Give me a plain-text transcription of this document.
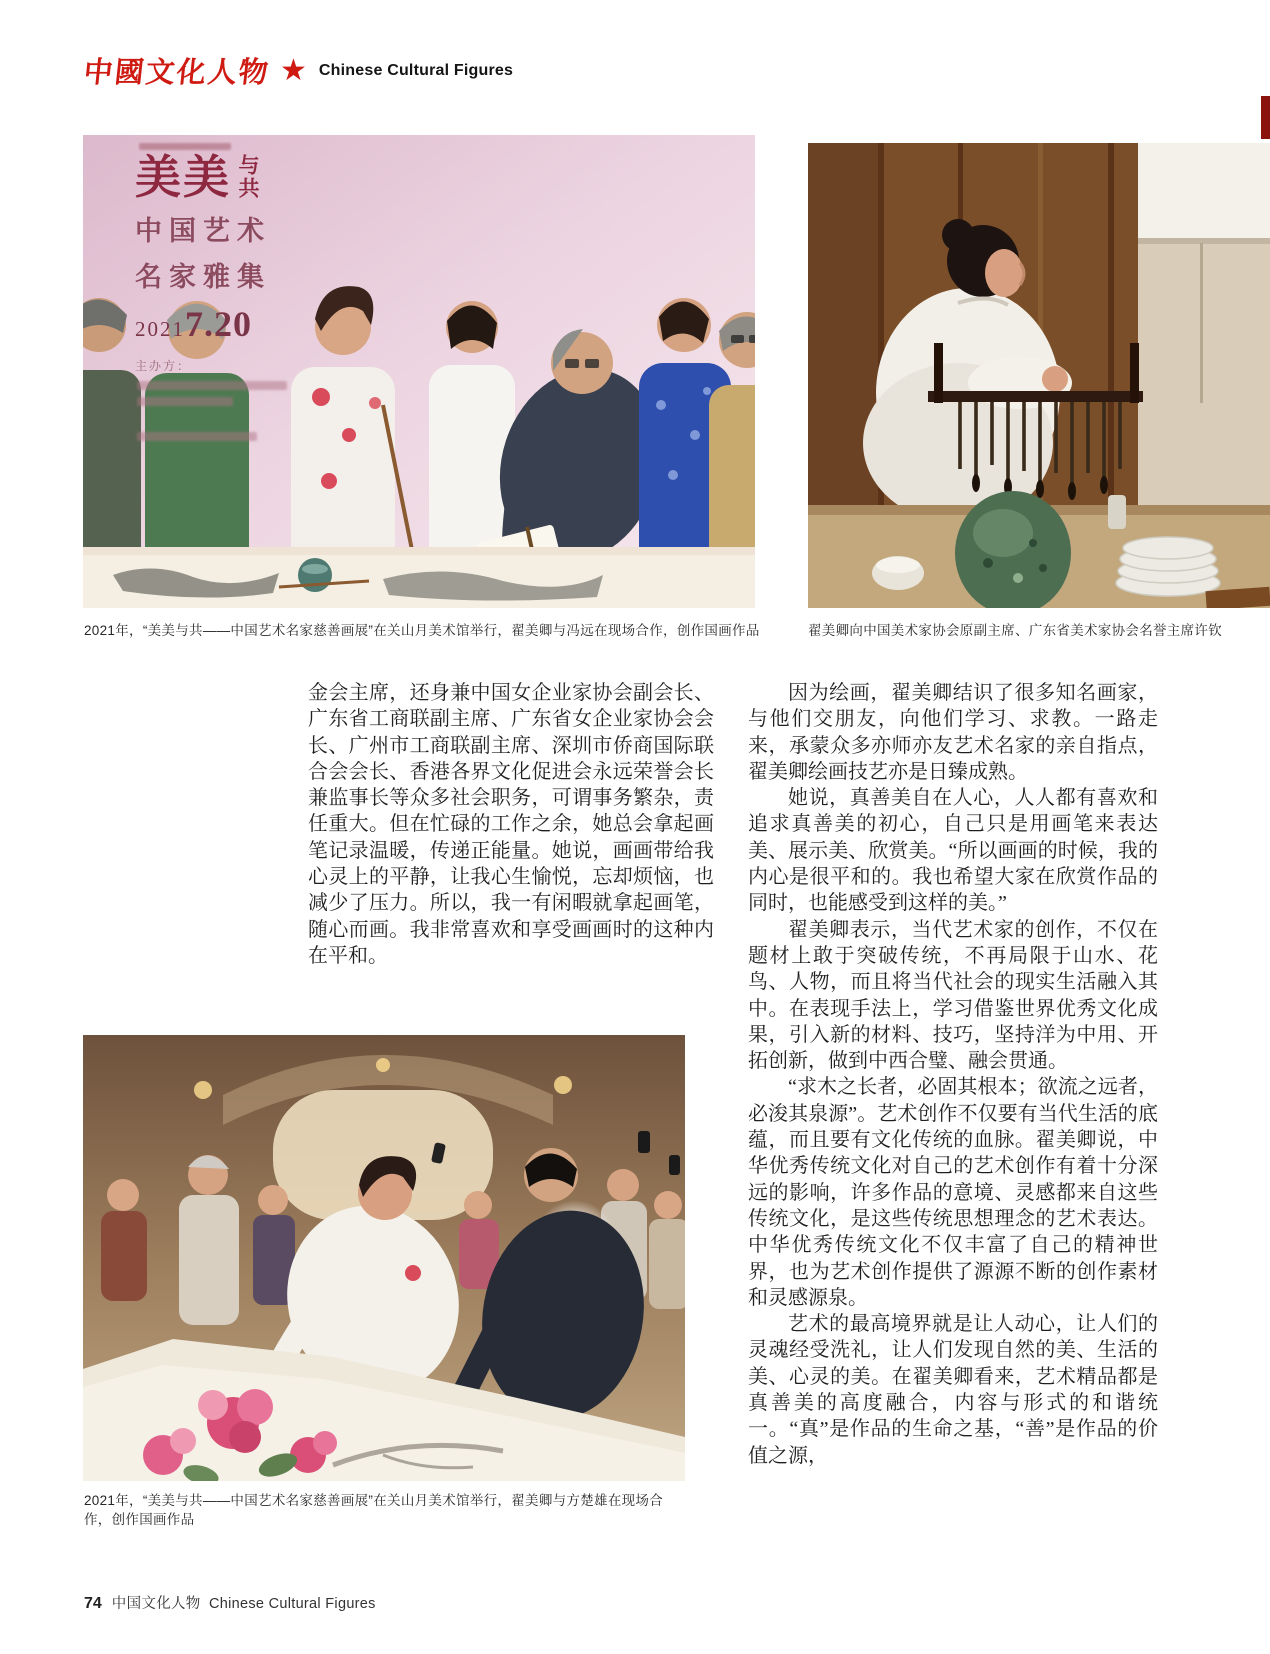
中國文化人物 ★ Chinese Cultural Figures
美美 与共
中国艺术
名家雅集
20217.20
主办方：
2021年，“美美与共——中国艺术名家慈善画展”在关山月美术馆举行，翟美卿与冯远在现场合作，创作国画作品	翟美卿向中国美术家协会原副主席、广东省美术家协会名誉主席许钦

金会主席，还身兼中国女企业家协会副会长、广东省工商联副主席、广东省女企业家协会会长、广州市工商联副主席、深圳市侨商国际联合会会长、香港各界文化促进会永远荣誉会长兼监事长等众多社会职务，可谓事务繁杂，责任重大。但在忙碌的工作之余，她总会拿起画笔记录温暖，传递正能量。她说，画画带给我心灵上的平静，让我心生愉悦，忘却烦恼，也减少了压力。所以，我一有闲暇就拿起画笔，随心而画。我非常喜欢和享受画画时的这种内在平和。

因为绘画，翟美卿结识了很多知名画家，与他们交朋友，向他们学习、求教。一路走来，承蒙众多亦师亦友艺术名家的亲自指点，翟美卿绘画技艺亦是日臻成熟。

她说，真善美自在人心，人人都有喜欢和追求真善美的初心，自己只是用画笔来表达美、展示美、欣赏美。“所以画画的时候，我的内心是很平和的。我也希望大家在欣赏作品的同时，也能感受到这样的美。”

翟美卿表示，当代艺术家的创作，不仅在题材上敢于突破传统，不再局限于山水、花鸟、人物，而且将当代社会的现实生活融入其中。在表现手法上，学习借鉴世界优秀文化成果，引入新的材料、技巧，坚持洋为中用、开拓创新，做到中西合璧、融会贯通。

“求木之长者，必固其根本；欲流之远者，必浚其泉源”。艺术创作不仅要有当代生活的底蕴，而且要有文化传统的血脉。翟美卿说，中华优秀传统文化对自己的艺术创作有着十分深远的影响，许多作品的意境、灵感都来自这些传统文化，是这些传统思想理念的艺术表达。中华优秀传统文化不仅丰富了自己的精神世界，也为艺术创作提供了源源不断的创作素材和灵感源泉。

艺术的最高境界就是让人动心，让人们的灵魂经受洗礼，让人们发现自然的美、生活的美、心灵的美。在翟美卿看来，艺术精品都是真善美的高度融合，内容与形式的和谐统一。“真”是作品的生命之基，“善”是作品的价值之源，

2021年，“美美与共——中国艺术名家慈善画展”在关山月美术馆举行，翟美卿与方楚雄在现场合作，创作国画作品
74 中国文化人物 Chinese Cultural Figures
